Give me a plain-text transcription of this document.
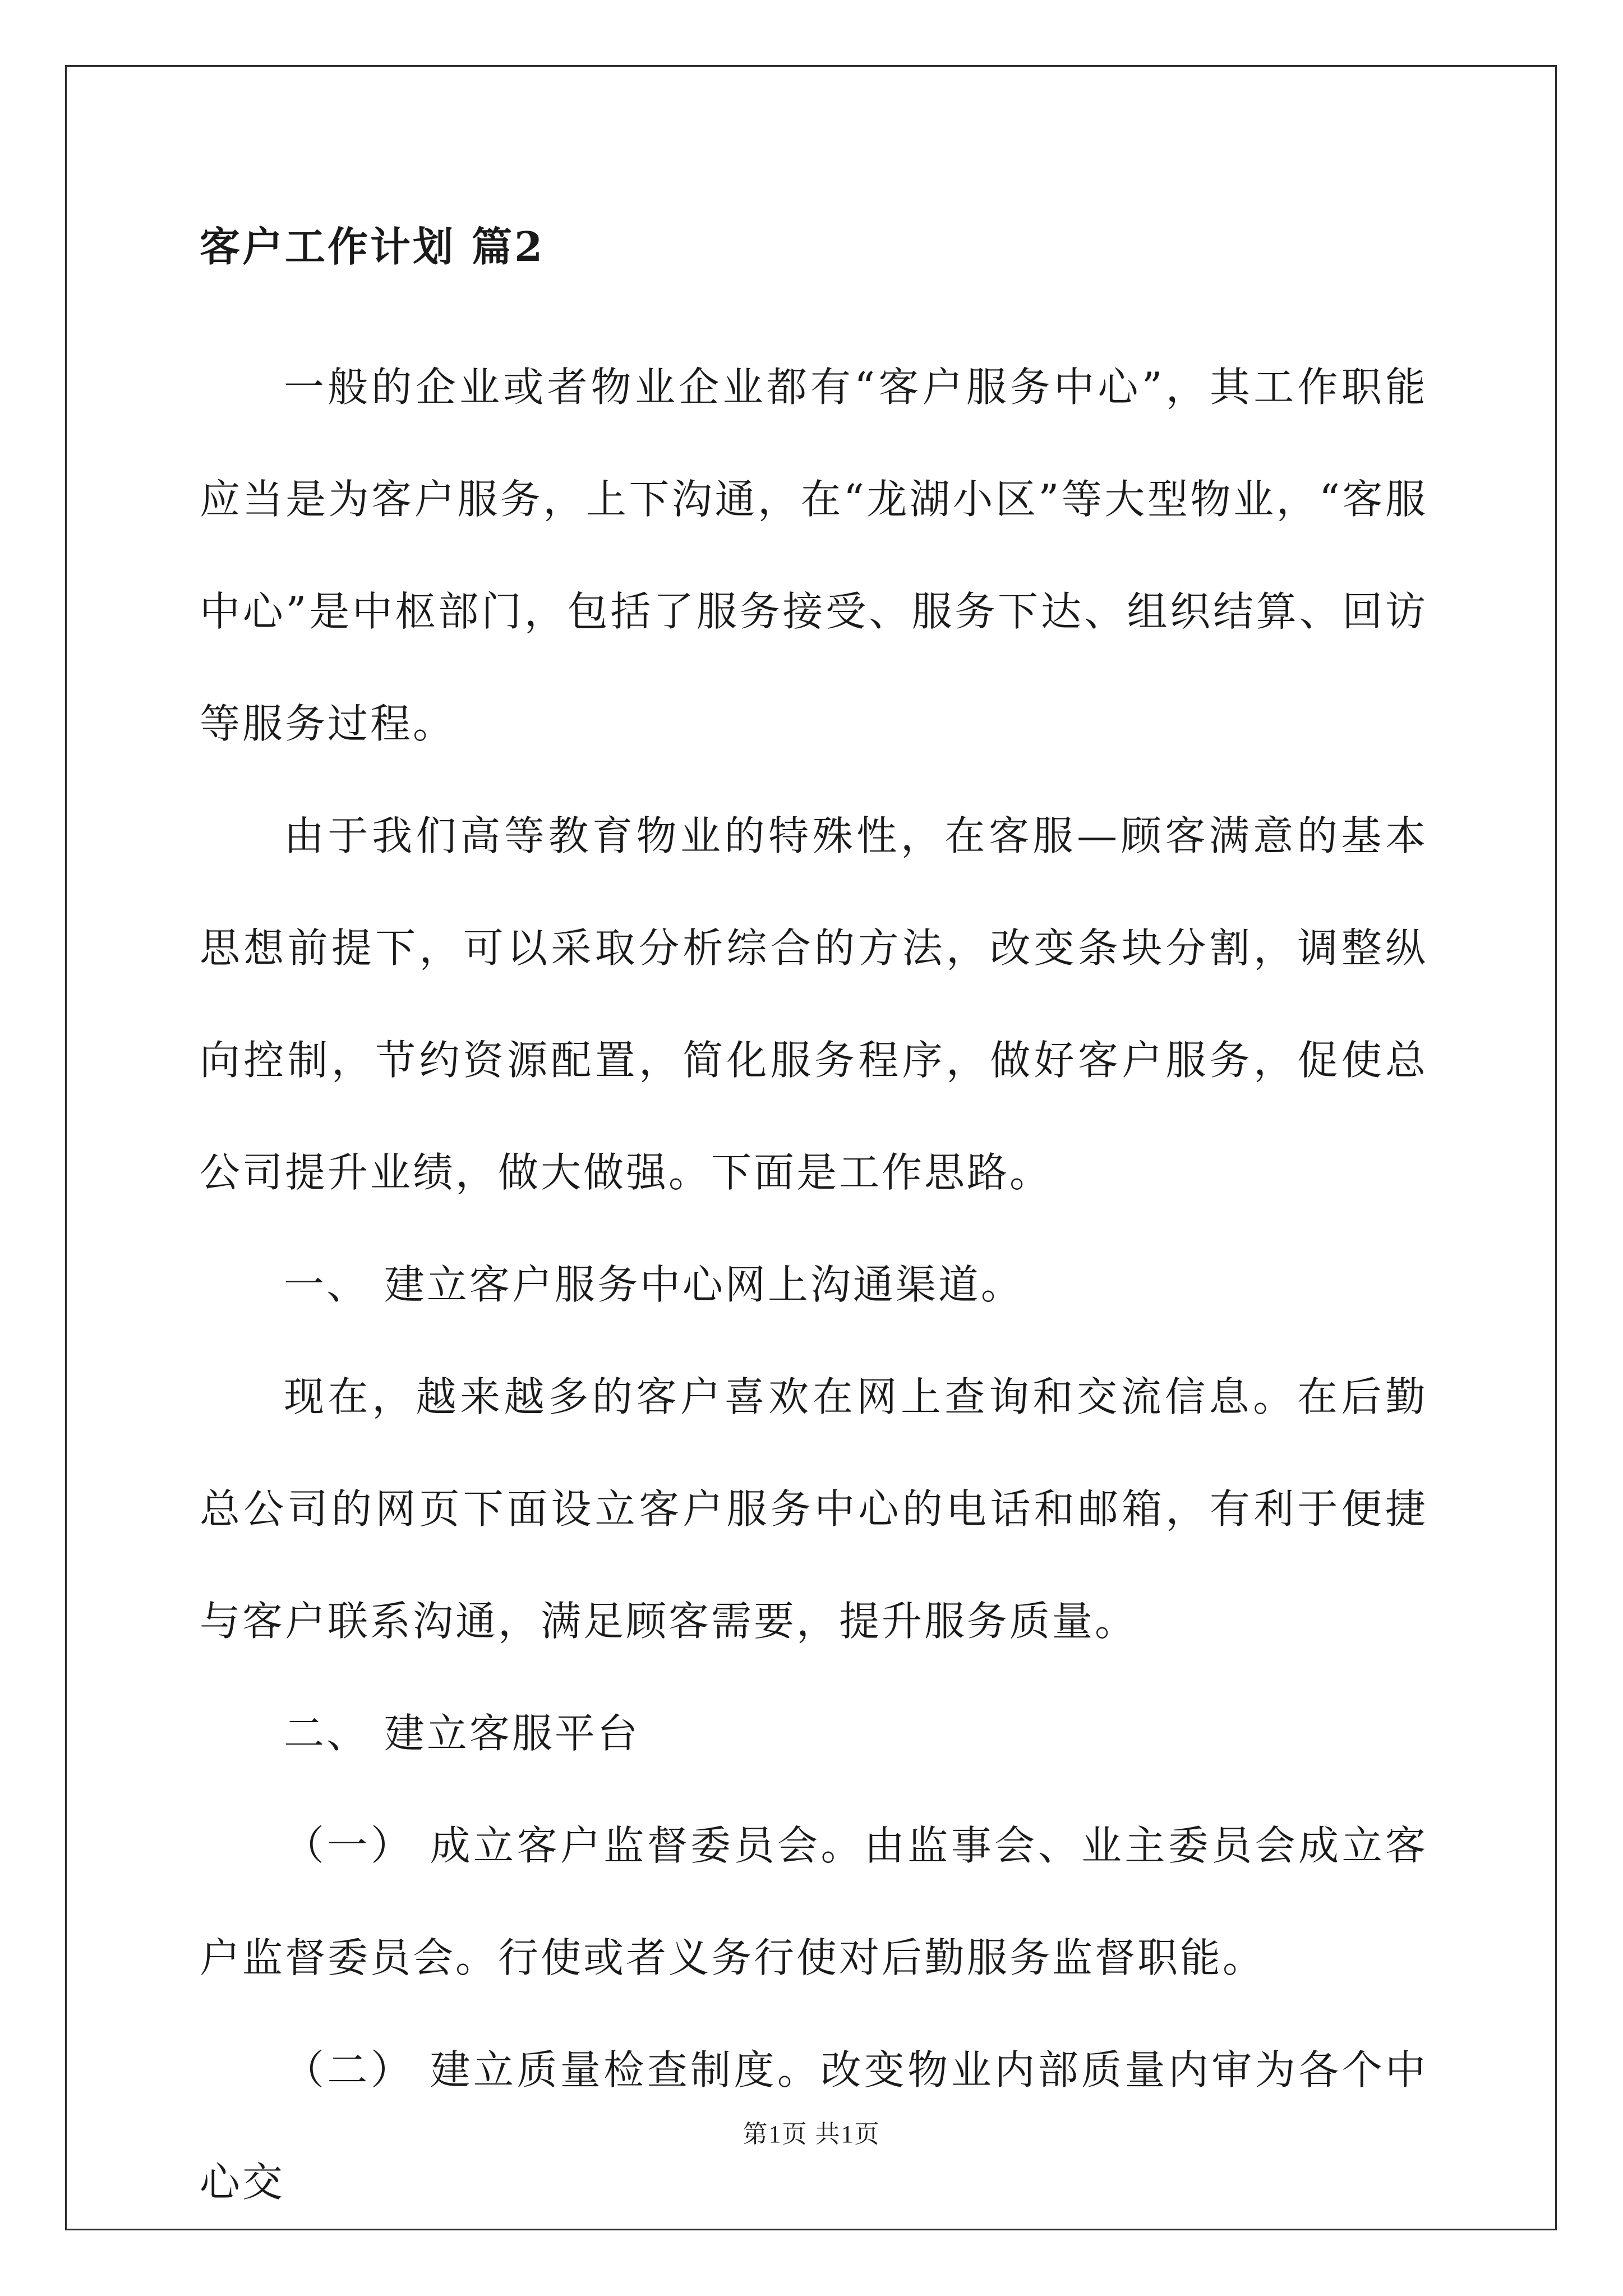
客户工作计划 篇2

一般的企业或者物业企业都有“客户服务中心”，其工作职能应当是为客户服务，上下沟通，在“龙湖小区”等大型物业，“客服中心”是中枢部门，包括了服务接受、服务下达、组织结算、回访等服务过程。

由于我们高等教育物业的特殊性，在客服—顾客满意的基本思想前提下，可以采取分析综合的方法，改变条块分割，调整纵向控制，节约资源配置，简化服务程序，做好客户服务，促使总公司提升业绩，做大做强。下面是工作思路。

一、 建立客户服务中心网上沟通渠道。

现在，越来越多的客户喜欢在网上查询和交流信息。在后勤总公司的网页下面设立客户服务中心的电话和邮箱，有利于便捷与客户联系沟通，满足顾客需要，提升服务质量。

二、 建立客服平台

（一） 成立客户监督委员会。由监事会、业主委员会成立客户监督委员会。行使或者义务行使对后勤服务监督职能。

（二） 建立质量检查制度。改变物业内部质量内审为各个中心交

第1页 共1页
